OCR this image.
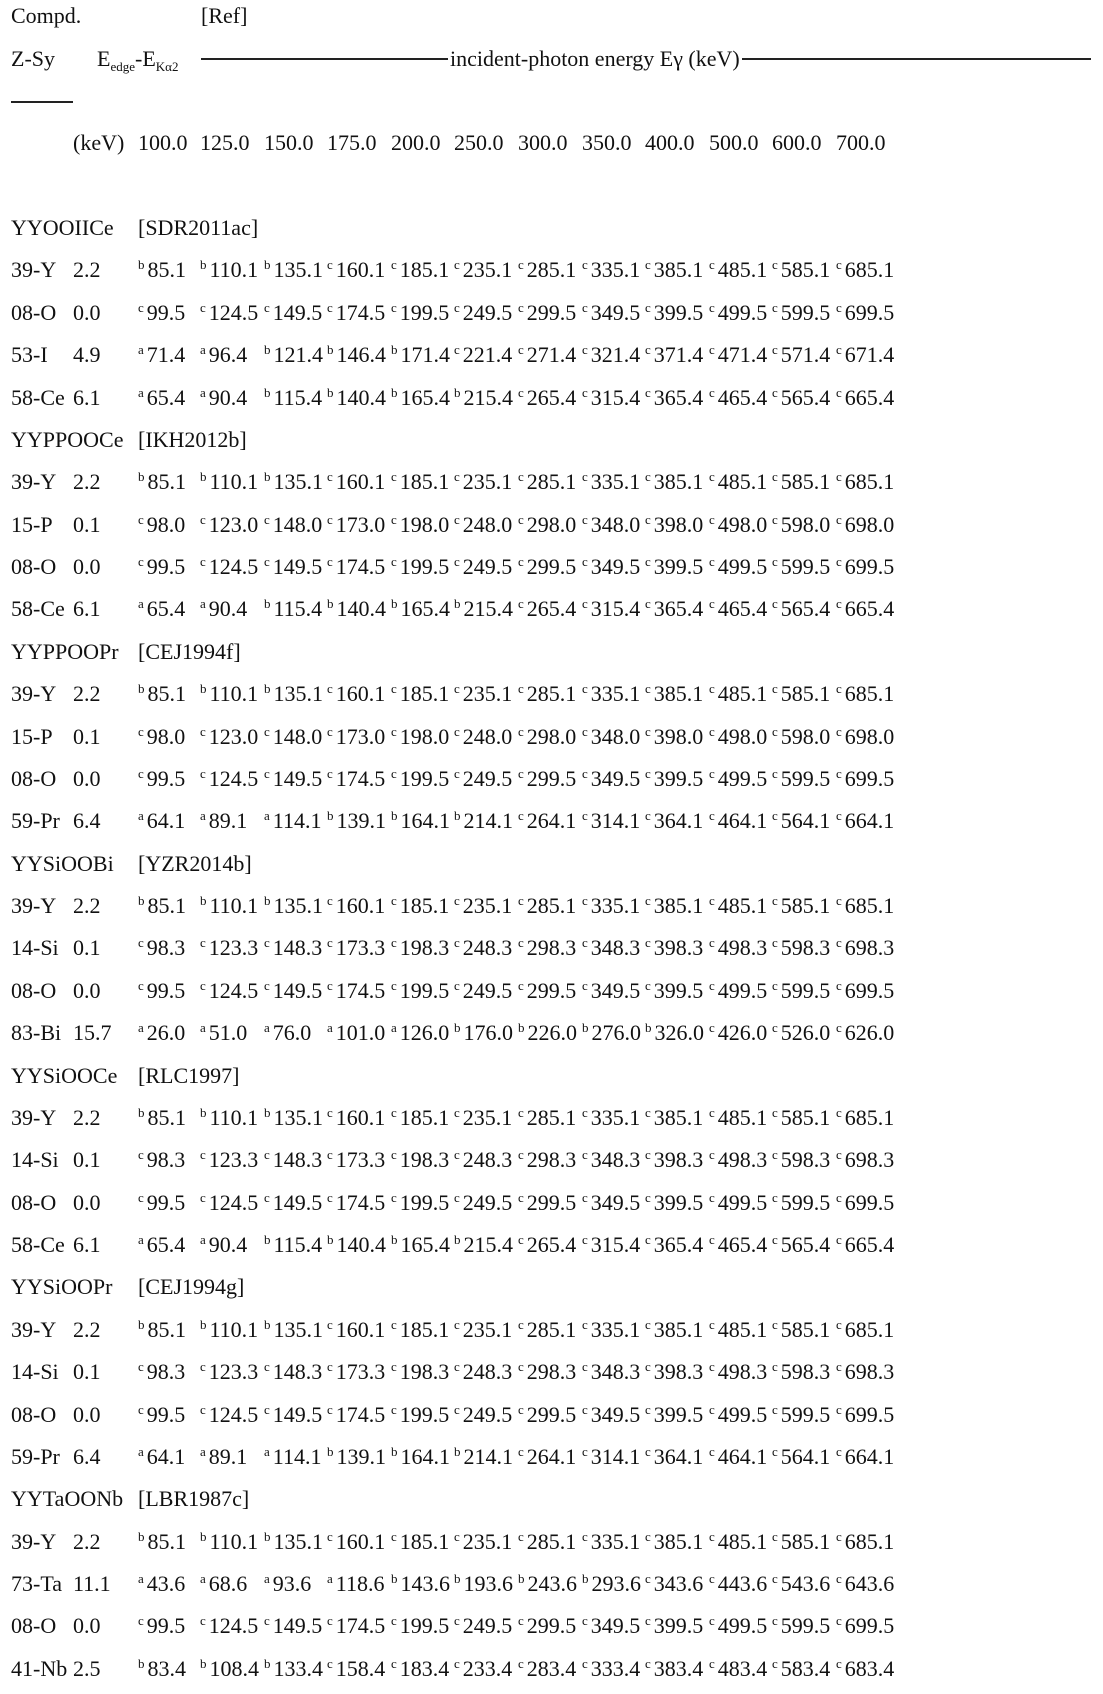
Compd.	[Ref]
Z-Sy $E_{edge}-E_{K\alpha 2}$	incident-photon energy Eγ (keV)
(keV) 100.0 125.0 150.0 175.0 200.0 250.0 300.0 350.0 400.0 500.0 600.0 700.0
YYOOIICe [SDR2011ac]
39-Y 2.2	$^b$ 85.1 $^b$ 110.1 $^b$ 135.1 $^c$ 160.1 $^c$ 185.1 $^c$ 235.1 $^c$ 285.1 $^c$ 335.1 $^c$ 385.1 $^c$ 485.1 $^c$ 585.1 $^c$ 685.1
08-O 0.0	$^c$ 99.5 $^c$ 124.5 $^c$ 149.5 $^c$ 174.5 $^c$ 199.5 $^c$ 249.5 $^c$ 299.5 $^c$ 349.5 $^c$ 399.5 $^c$ 499.5 $^c$ 599.5 $^c$ 699.5
53-I 4.9	$^a$ 71.4 $^a$ 96.4 $^b$ 121.4 $^b$ 146.4 $^b$ 171.4 $^c$ 221.4 $^c$ 271.4 $^c$ 321.4 $^c$ 371.4 $^c$ 471.4 $^c$ 571.4 $^c$ 671.4
58-Ce 6.1	$^a$ 65.4 $^a$ 90.4 $^b$ 115.4 $^b$ 140.4 $^b$ 165.4 $^b$ 215.4 $^c$ 265.4 $^c$ 315.4 $^c$ 365.4 $^c$ 465.4 $^c$ 565.4 $^c$ 665.4
YYPPOOCe [IKH2012b]
39-Y 2.2	$^b$ 85.1 $^b$ 110.1 $^b$ 135.1 $^c$ 160.1 $^c$ 185.1 $^c$ 235.1 $^c$ 285.1 $^c$ 335.1 $^c$ 385.1 $^c$ 485.1 $^c$ 585.1 $^c$ 685.1
15-P 0.1	$^c$ 98.0 $^c$ 123.0 $^c$ 148.0 $^c$ 173.0 $^c$ 198.0 $^c$ 248.0 $^c$ 298.0 $^c$ 348.0 $^c$ 398.0 $^c$ 498.0 $^c$ 598.0 $^c$ 698.0
08-O 0.0	$^c$ 99.5 $^c$ 124.5 $^c$ 149.5 $^c$ 174.5 $^c$ 199.5 $^c$ 249.5 $^c$ 299.5 $^c$ 349.5 $^c$ 399.5 $^c$ 499.5 $^c$ 599.5 $^c$ 699.5
58-Ce 6.1	$^a$ 65.4 $^a$ 90.4 $^b$ 115.4 $^b$ 140.4 $^b$ 165.4 $^b$ 215.4 $^c$ 265.4 $^c$ 315.4 $^c$ 365.4 $^c$ 465.4 $^c$ 565.4 $^c$ 665.4
YYPPOOPr [CEJ1994f]
39-Y 2.2	$^b$ 85.1 $^b$ 110.1 $^b$ 135.1 $^c$ 160.1 $^c$ 185.1 $^c$ 235.1 $^c$ 285.1 $^c$ 335.1 $^c$ 385.1 $^c$ 485.1 $^c$ 585.1 $^c$ 685.1
15-P 0.1	$^c$ 98.0 $^c$ 123.0 $^c$ 148.0 $^c$ 173.0 $^c$ 198.0 $^c$ 248.0 $^c$ 298.0 $^c$ 348.0 $^c$ 398.0 $^c$ 498.0 $^c$ 598.0 $^c$ 698.0
08-O 0.0	$^c$ 99.5 $^c$ 124.5 $^c$ 149.5 $^c$ 174.5 $^c$ 199.5 $^c$ 249.5 $^c$ 299.5 $^c$ 349.5 $^c$ 399.5 $^c$ 499.5 $^c$ 599.5 $^c$ 699.5
59-Pr 6.4	$^a$ 64.1 $^a$ 89.1 $^a$ 114.1 $^b$ 139.1 $^b$ 164.1 $^b$ 214.1 $^c$ 264.1 $^c$ 314.1 $^c$ 364.1 $^c$ 464.1 $^c$ 564.1 $^c$ 664.1
YYSiOOBi [YZR2014b]
39-Y 2.2	$^b$ 85.1 $^b$ 110.1 $^b$ 135.1 $^c$ 160.1 $^c$ 185.1 $^c$ 235.1 $^c$ 285.1 $^c$ 335.1 $^c$ 385.1 $^c$ 485.1 $^c$ 585.1 $^c$ 685.1
14-Si 0.1	$^c$ 98.3 $^c$ 123.3 $^c$ 148.3 $^c$ 173.3 $^c$ 198.3 $^c$ 248.3 $^c$ 298.3 $^c$ 348.3 $^c$ 398.3 $^c$ 498.3 $^c$ 598.3 $^c$ 698.3
08-O 0.0	$^c$ 99.5 $^c$ 124.5 $^c$ 149.5 $^c$ 174.5 $^c$ 199.5 $^c$ 249.5 $^c$ 299.5 $^c$ 349.5 $^c$ 399.5 $^c$ 499.5 $^c$ 599.5 $^c$ 699.5
83-Bi 15.7 $^a$ 26.0 $^a$ 51.0 $^a$ 76.0 $^a$ 101.0 $^a$ 126.0 $^b$ 176.0 $^b$ 226.0 $^b$ 276.0 $^b$ 326.0 $^c$ 426.0 $^c$ 526.0 $^c$ 626.0
YYSiOOCe [RLC1997]
39-Y 2.2	$^b$ 85.1 $^b$ 110.1 $^b$ 135.1 $^c$ 160.1 $^c$ 185.1 $^c$ 235.1 $^c$ 285.1 $^c$ 335.1 $^c$ 385.1 $^c$ 485.1 $^c$ 585.1 $^c$ 685.1
14-Si 0.1	$^c$ 98.3 $^c$ 123.3 $^c$ 148.3 $^c$ 173.3 $^c$ 198.3 $^c$ 248.3 $^c$ 298.3 $^c$ 348.3 $^c$ 398.3 $^c$ 498.3 $^c$ 598.3 $^c$ 698.3
08-O 0.0	$^c$ 99.5 $^c$ 124.5 $^c$ 149.5 $^c$ 174.5 $^c$ 199.5 $^c$ 249.5 $^c$ 299.5 $^c$ 349.5 $^c$ 399.5 $^c$ 499.5 $^c$ 599.5 $^c$ 699.5
58-Ce 6.1	$^a$ 65.4 $^a$ 90.4 $^b$ 115.4 $^b$ 140.4 $^b$ 165.4 $^b$ 215.4 $^c$ 265.4 $^c$ 315.4 $^c$ 365.4 $^c$ 465.4 $^c$ 565.4 $^c$ 665.4
YYSiOOPr [CEJ1994g]
39-Y 2.2	$^b$ 85.1 $^b$ 110.1 $^b$ 135.1 $^c$ 160.1 $^c$ 185.1 $^c$ 235.1 $^c$ 285.1 $^c$ 335.1 $^c$ 385.1 $^c$ 485.1 $^c$ 585.1 $^c$ 685.1
14-Si 0.1	$^c$ 98.3 $^c$ 123.3 $^c$ 148.3 $^c$ 173.3 $^c$ 198.3 $^c$ 248.3 $^c$ 298.3 $^c$ 348.3 $^c$ 398.3 $^c$ 498.3 $^c$ 598.3 $^c$ 698.3
08-O 0.0	$^c$ 99.5 $^c$ 124.5 $^c$ 149.5 $^c$ 174.5 $^c$ 199.5 $^c$ 249.5 $^c$ 299.5 $^c$ 349.5 $^c$ 399.5 $^c$ 499.5 $^c$ 599.5 $^c$ 699.5
59-Pr 6.4	$^a$ 64.1 $^a$ 89.1 $^a$ 114.1 $^b$ 139.1 $^b$ 164.1 $^b$ 214.1 $^c$ 264.1 $^c$ 314.1 $^c$ 364.1 $^c$ 464.1 $^c$ 564.1 $^c$ 664.1
YYTaOONb [LBR1987c]
39-Y 2.2	$^b$ 85.1 $^b$ 110.1 $^b$ 135.1 $^c$ 160.1 $^c$ 185.1 $^c$ 235.1 $^c$ 285.1 $^c$ 335.1 $^c$ 385.1 $^c$ 485.1 $^c$ 585.1 $^c$ 685.1
73-Ta 11.1 $^a$ 43.6 $^a$ 68.6 $^a$ 93.6 $^a$ 118.6 $^b$ 143.6 $^b$ 193.6 $^b$ 243.6 $^b$ 293.6 $^c$ 343.6 $^c$ 443.6 $^c$ 543.6 $^c$ 643.6
08-O 0.0	$^c$ 99.5 $^c$ 124.5 $^c$ 149.5 $^c$ 174.5 $^c$ 199.5 $^c$ 249.5 $^c$ 299.5 $^c$ 349.5 $^c$ 399.5 $^c$ 499.5 $^c$ 599.5 $^c$ 699.5
41-Nb 2.5	$^b$ 83.4 $^b$ 108.4 $^b$ 133.4 $^c$ 158.4 $^c$ 183.4 $^c$ 233.4 $^c$ 283.4 $^c$ 333.4 $^c$ 383.4 $^c$ 483.4 $^c$ 583.4 $^c$ 683.4
